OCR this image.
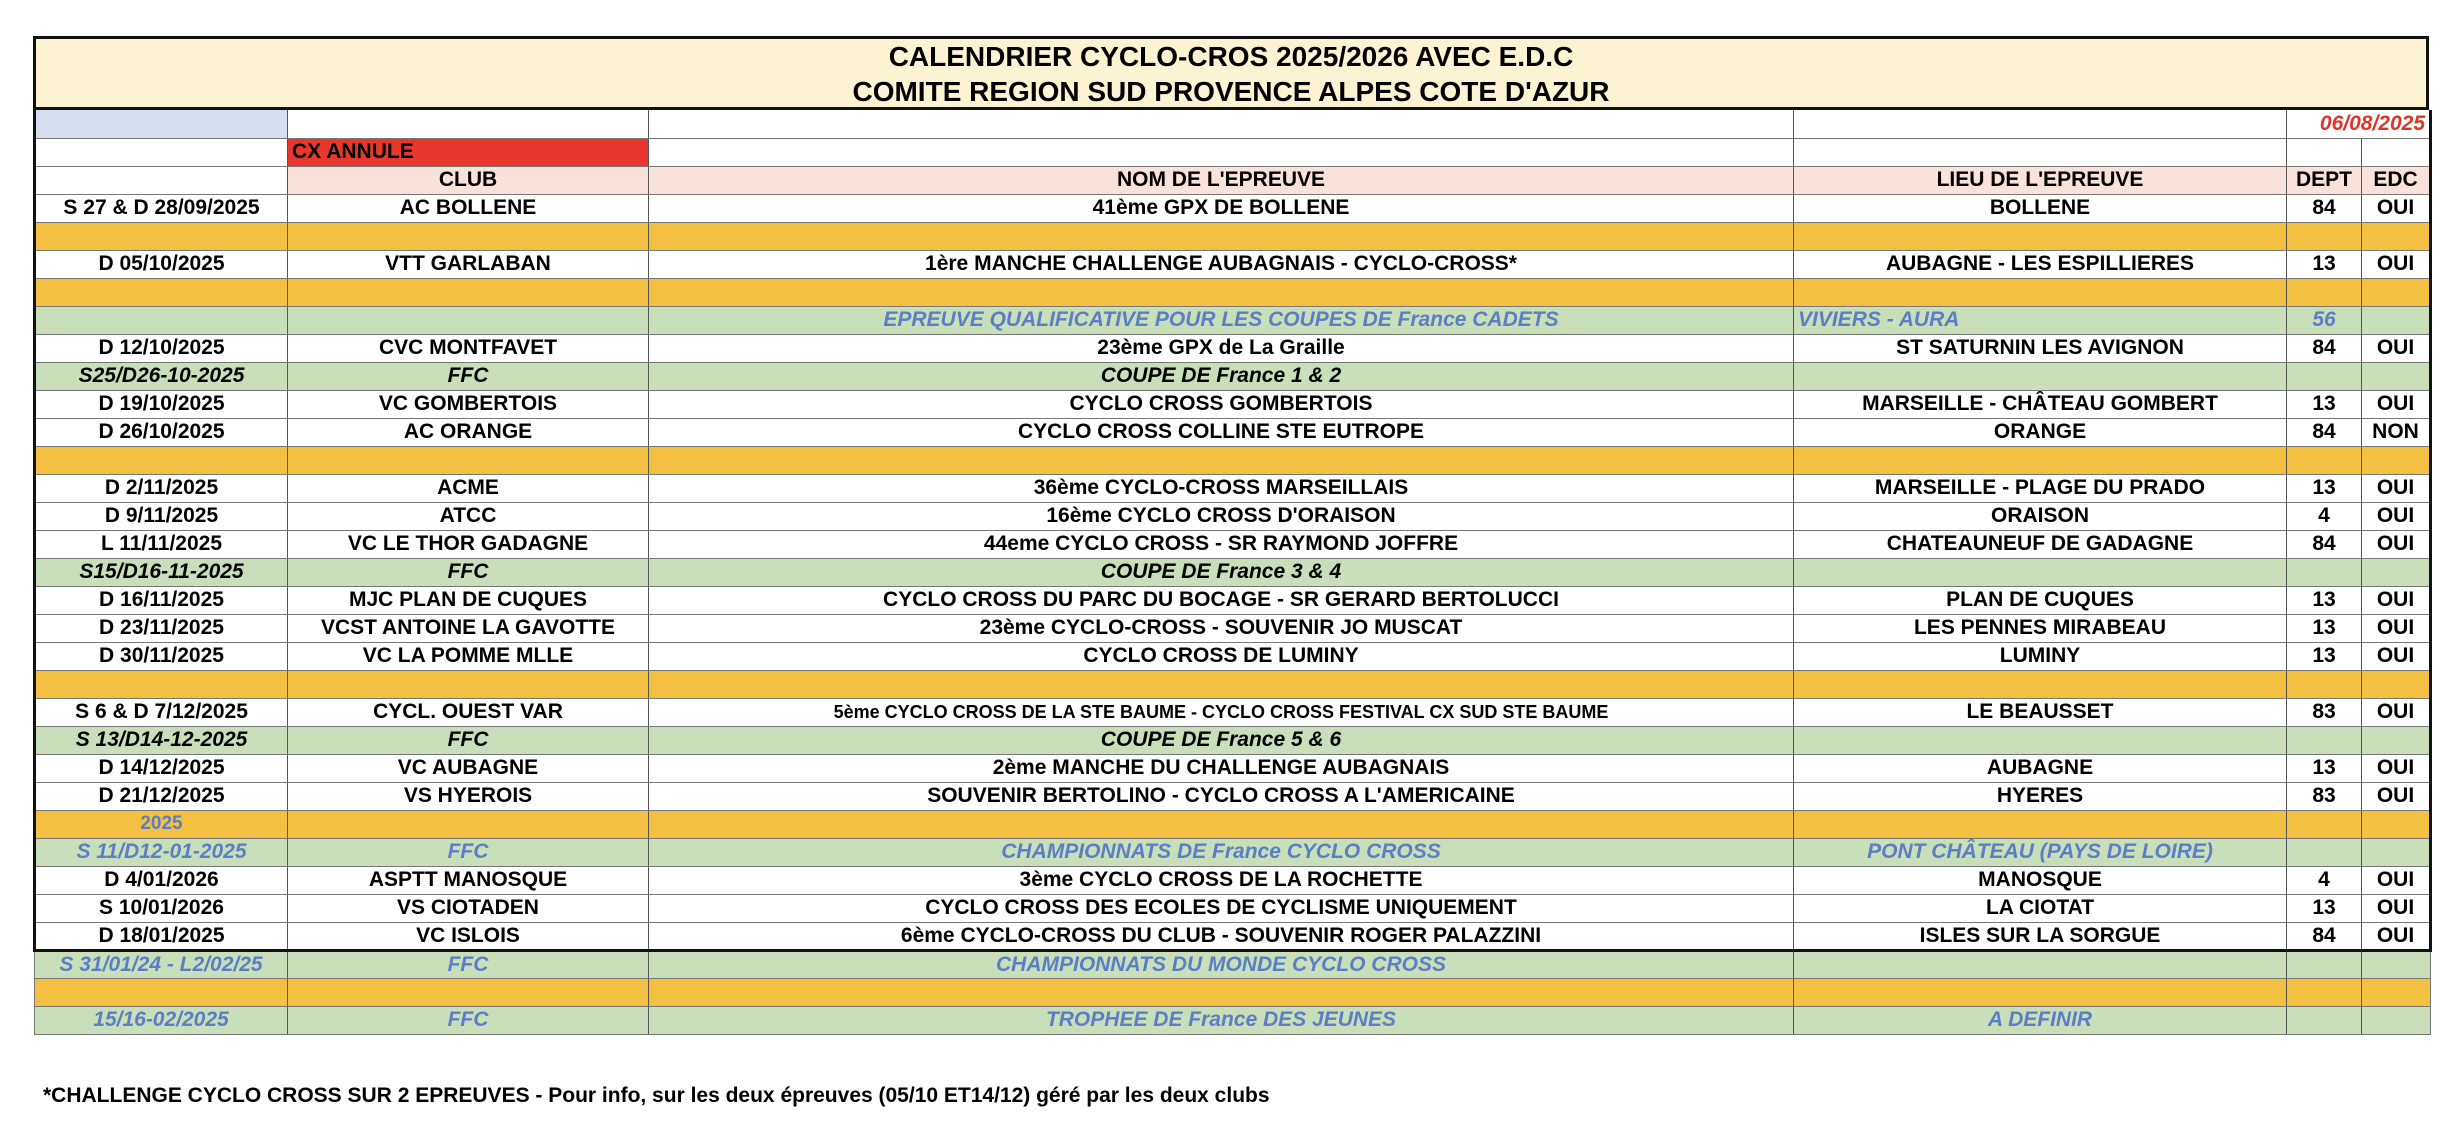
CALENDRIER CYCLO-CROS 2025/2026 AVEC E.D.C
COMITE REGION SUD PROVENCE ALPES COTE D'AZUR
				06/08/2025	
	CX ANNULE				
	CLUB	NOM DE L'EPREUVE	LIEU DE L'EPREUVE	DEPT	EDC
S 27 & D 28/09/2025	AC BOLLENE	41ème GPX DE BOLLENE	BOLLENE	84	OUI

D 05/10/2025	VTT GARLABAN	1ère MANCHE CHALLENGE AUBAGNAIS - CYCLO-CROSS*	AUBAGNE - LES ESPILLIERES	13	OUI

		EPREUVE QUALIFICATIVE POUR LES COUPES DE France CADETS	VIVIERS - AURA	56	
D 12/10/2025	CVC MONTFAVET	23ème GPX de La Graille	ST SATURNIN LES AVIGNON	84	OUI
S25/D26-10-2025	FFC	COUPE DE France 1 & 2			
D 19/10/2025	VC GOMBERTOIS	CYCLO CROSS GOMBERTOIS	MARSEILLE - CHÂTEAU GOMBERT	13	OUI
D 26/10/2025	AC ORANGE	CYCLO CROSS COLLINE STE EUTROPE	ORANGE	84	NON

D 2/11/2025	ACME	36ème CYCLO-CROSS MARSEILLAIS	MARSEILLE - PLAGE DU PRADO	13	OUI
D 9/11/2025	ATCC	16ème CYCLO CROSS D'ORAISON	ORAISON	4	OUI
L 11/11/2025	VC LE THOR GADAGNE	44eme CYCLO CROSS - SR RAYMOND JOFFRE	CHATEAUNEUF DE GADAGNE	84	OUI
S15/D16-11-2025	FFC	COUPE DE France 3 & 4			
D 16/11/2025	MJC PLAN DE CUQUES	CYCLO CROSS DU PARC DU BOCAGE - SR GERARD BERTOLUCCI	PLAN DE CUQUES	13	OUI
D 23/11/2025	VCST ANTOINE LA GAVOTTE	23ème CYCLO-CROSS - SOUVENIR JO MUSCAT	LES PENNES MIRABEAU	13	OUI
D 30/11/2025	VC LA POMME MLLE	CYCLO CROSS DE LUMINY	LUMINY	13	OUI

S 6 & D 7/12/2025	CYCL. OUEST VAR	5ème CYCLO CROSS DE LA STE BAUME - CYCLO CROSS FESTIVAL CX SUD STE BAUME	LE BEAUSSET	83	OUI
S 13/D14-12-2025	FFC	COUPE DE France 5 & 6			
D 14/12/2025	VC AUBAGNE	2ème MANCHE DU CHALLENGE AUBAGNAIS	AUBAGNE	13	OUI
D 21/12/2025	VS HYEROIS	SOUVENIR BERTOLINO - CYCLO CROSS A L'AMERICAINE	HYERES	83	OUI
2025					
S 11/D12-01-2025	FFC	CHAMPIONNATS DE France CYCLO CROSS	PONT CHÂTEAU (PAYS DE LOIRE)		
D 4/01/2026	ASPTT MANOSQUE	3ème CYCLO CROSS DE LA ROCHETTE	MANOSQUE	4	OUI
S 10/01/2026	VS CIOTADEN	CYCLO CROSS DES ECOLES DE CYCLISME UNIQUEMENT	LA CIOTAT	13	OUI
D 18/01/2025	VC ISLOIS	6ème CYCLO-CROSS DU CLUB - SOUVENIR ROGER PALAZZINI	ISLES SUR LA SORGUE	84	OUI
S 31/01/24 - L2/02/25	FFC	CHAMPIONNATS DU MONDE CYCLO CROSS			

15/16-02/2025	FFC	TROPHEE DE France DES JEUNES	A DEFINIR		
*CHALLENGE CYCLO CROSS SUR 2 EPREUVES - Pour info, sur les deux épreuves (05/10 ET14/12) géré par les deux clubs
